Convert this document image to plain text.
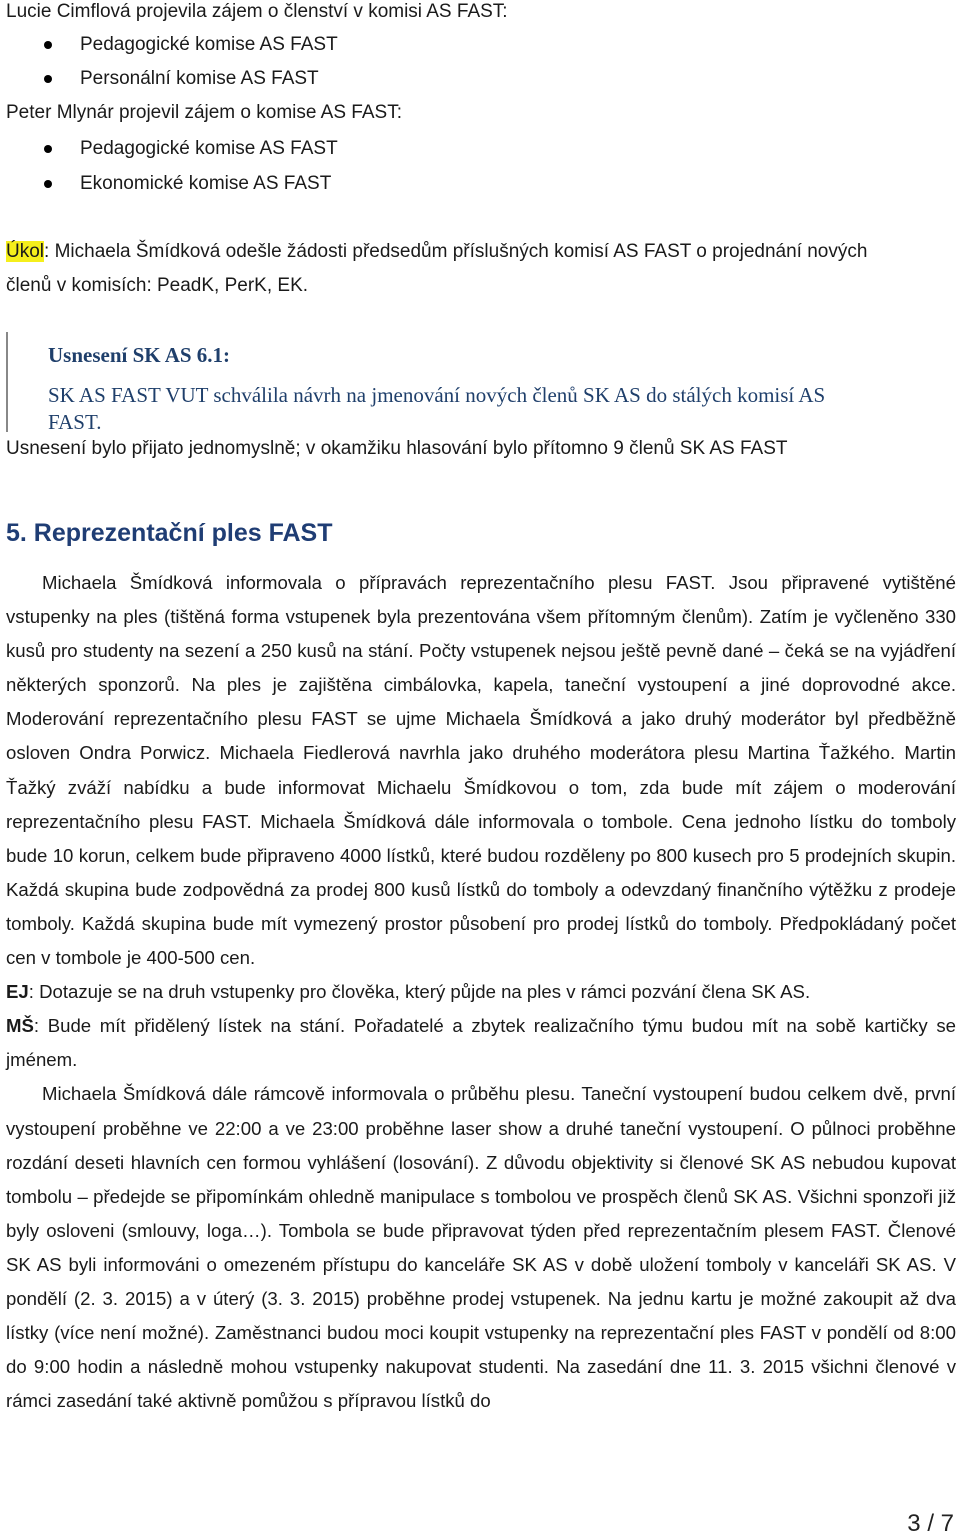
Lucie Cimflová projevila zájem o členství v komisi AS FAST:
Pedagogické komise AS FAST
Personální komise AS FAST
Peter Mlynár projevil zájem o komise AS FAST:
Pedagogické komise AS FAST
Ekonomické komise AS FAST
Úkol: Michaela Šmídková odešle žádosti předsedům příslušných komisí AS FAST o projednání nových
členů v komisích: PeadK, PerK, EK.
Usnesení SK AS 6.1:
SK AS FAST VUT schválila návrh na jmenování nových členů SK AS do stálých komisí AS
FAST.
Usnesení bylo přijato jednomyslně; v okamžiku hlasování bylo přítomno 9 členů SK AS FAST
5. Reprezentační ples FAST

Michaela Šmídková informovala o přípravách reprezentačního plesu FAST. Jsou připravené vytištěné vstupenky na ples (tištěná forma vstupenek byla prezentována všem přítomným členům). Zatím je vyčleněno 330 kusů pro studenty na sezení a 250 kusů na stání. Počty vstupenek nejsou ještě pevně dané – čeká se na vyjádření některých sponzorů. Na ples je zajištěna cimbálovka, kapela, taneční vystoupení a jiné doprovodné akce. Moderování reprezentačního plesu FAST se ujme Michaela Šmídková a jako druhý moderátor byl předběžně osloven Ondra Porwicz. Michaela Fiedlerová navrhla jako druhého moderátora plesu Martina Ťažkého. Martin Ťažký zváží nabídku a bude informovat Michaelu Šmídkovou o tom, zda bude mít zájem o moderování reprezentačního plesu FAST. Michaela Šmídková dále informovala o tombole. Cena jednoho lístku do tomboly bude 10 korun, celkem bude připraveno 4000 lístků, které budou rozděleny po 800 kusech pro 5 prodejních skupin. Každá skupina bude zodpovědná za prodej 800 kusů lístků do tomboly a odevzdaný finančního výtěžku z prodeje tomboly. Každá skupina bude mít vymezený prostor působení pro prodej lístků do tomboly. Předpokládaný počet cen v tombole je 400-500 cen.

EJ: Dotazuje se na druh vstupenky pro člověka, který půjde na ples v rámci pozvání člena SK AS.

MŠ: Bude mít přidělený lístek na stání. Pořadatelé a zbytek realizačního týmu budou mít na sobě kartičky se jménem.

Michaela Šmídková dále rámcově informovala o průběhu plesu. Taneční vystoupení budou celkem dvě, první vystoupení proběhne ve 22:00 a ve 23:00 proběhne laser show a druhé taneční vystoupení. O půlnoci proběhne rozdání deseti hlavních cen formou vyhlášení (losování). Z důvodu objektivity si členové SK AS nebudou kupovat tombolu – předejde se připomínkám ohledně manipulace s tombolou ve prospěch členů SK AS. Všichni sponzoři již byly osloveni (smlouvy, loga…). Tombola se bude připravovat týden před reprezentačním plesem FAST. Členové SK AS byli informováni o omezeném přístupu do kanceláře SK AS v době uložení tomboly v kanceláři SK AS. V pondělí (2. 3. 2015) a v úterý (3. 3. 2015) proběhne prodej vstupenek. Na jednu kartu je možné zakoupit až dva lístky (více není možné). Zaměstnanci budou moci koupit vstupenky na reprezentační ples FAST v pondělí od 8:00 do 9:00 hodin a následně mohou vstupenky nakupovat studenti. Na zasedání dne 11. 3. 2015 všichni členové v rámci zasedání také aktivně pomůžou s přípravou lístků do

3 / 7
